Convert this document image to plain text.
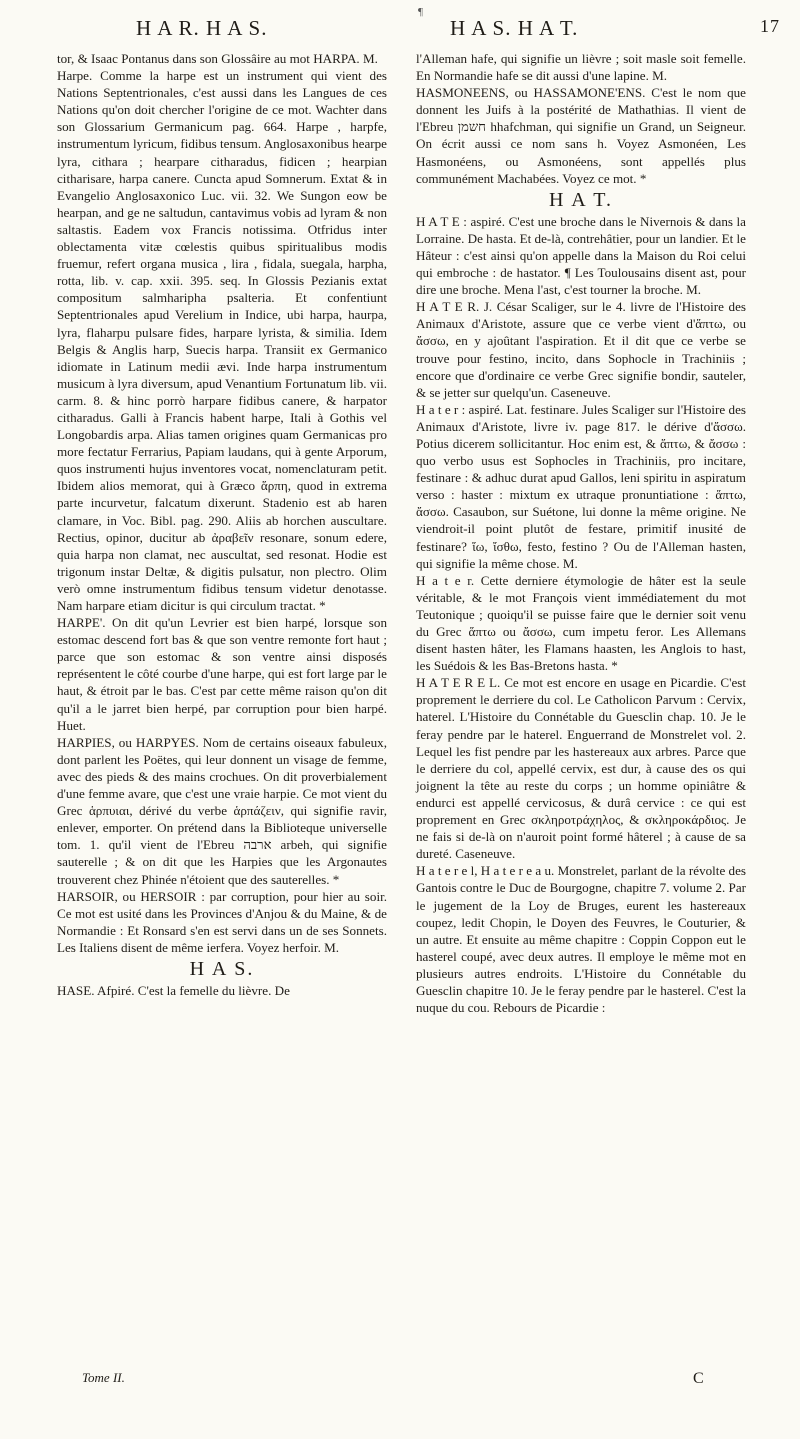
¶
H A R. H A S.	H A S. H A T.	17

tor, & Isaac Pontanus dans son Glossâire au mot HARPA. M.

Harpe. Comme la harpe est un instrument qui vient des Nations Septentrionales, c'est aussi dans les Langues de ces Nations qu'on doit chercher l'origine de ce mot. Wachter dans son Glossarium Germanicum pag. 664. Harpe , harpfe, instrumentum lyricum, fidibus tensum. Anglosaxonibus hearpe lyra, cithara ; hearpare citharadus, fidicen ; hearpian citharisare, harpa canere. Cuncta apud Somnerum. Extat & in Evangelio Anglosaxonico Luc. vii. 32. We Sungon eow be hearpan, and ge ne saltudun, cantavimus vobis ad lyram & non saltastis. Eadem vox Francis notissima. Otfridus inter oblectamenta vitæ cœlestis quibus spiritualibus modis fruemur, refert organa musica , lira , fidala, suegala, harpha, rotta, lib. v. cap. xxii. 395. seq. In Glossis Pezianis extat compositum salmharipha psalteria. Et confentiunt Septentrionales apud Verelium in Indice, ubi harpa, haurpa, lyra, flaharpu pulsare fides, harpare lyrista, & similia. Idem Belgis & Anglis harp, Suecis harpa. Transiit ex Germanico idiomate in Latinum medii ævi. Inde harpa instrumentum musicum à lyra diversum, apud Venantium Fortunatum lib. vii. carm. 8. & hinc porrò harpare fidibus canere, & harpator citharadus. Galli à Francis habent harpe, Itali à Gothis vel Longobardis arpa. Alias tamen origines quam Germanicas pro more fectatur Ferrarius, Papiam laudans, qui à gente Arporum, quos instrumenti hujus inventores vocat, nomenclaturam petit. Ibidem alios memorat, qui à Græco ἅρπη, quod in extrema parte incurvetur, falcatum dixerunt. Stadenio est ab haren clamare, in Voc. Bibl. pag. 290. Aliis ab horchen auscultare. Rectius, opinor, ducitur ab ἀραβεῖν resonare, sonum edere, quia harpa non clamat, nec auscultat, sed resonat. Hodie est trigonum instar Deltæ, & digitis pulsatur, non plectro. Olim verò omne instrumentum fidibus tensum videtur denotasse. Nam harpare etiam dicitur is qui circulum tractat. *

HARPE'. On dit qu'un Levrier est bien harpé, lorsque son estomac descend fort bas & que son ventre remonte fort haut ; parce que son estomac & son ventre ainsi disposés représentent le côté courbe d'une harpe, qui est fort large par le haut, & étroit par le bas. C'est par cette même raison qu'on dit qu'il a le jarret bien herpé, par corruption pour bien harpé. Huet.

HARPIES, ou HARPYES. Nom de certains oiseaux fabuleux, dont parlent les Poëtes, qui leur donnent un visage de femme, avec des pieds & des mains crochues. On dit proverbialement d'une femme avare, que c'est une vraie harpie. Ce mot vient du Grec ἁρπυιαι, dérivé du verbe ἁρπάζειν, qui signifie ravir, enlever, emporter. On prétend dans la Biblioteque universelle tom. 1. qu'il vient de l'Ebreu ארבה arbeh, qui signifie sauterelle ; & on dit que les Harpies que les Argonautes trouverent chez Phinée n'étoient que des sauterelles. *

HARSOIR, ou HERSOIR : par corruption, pour hier au soir. Ce mot est usité dans les Provinces d'Anjou & du Maine, & de Normandie : Et Ronsard s'en est servi dans un de ses Sonnets. Les Italiens disent de même ierfera. Voyez herfoir. M.

H A S.

HASE. Afpiré. C'est la femelle du lièvre. De

l'Alleman hafe, qui signifie un lièvre ; soit masle soit femelle. En Normandie hafe se dit aussi d'une lapine. M.

HASMONEENS, ou HASSAMONE'ENS. C'est le nom que donnent les Juifs à la postérité de Mathathias. Il vient de l'Ebreu חשמן hhafchman, qui signifie un Grand, un Seigneur. On écrit aussi ce nom sans h. Voyez Asmonéen, Les Hasmonéens, ou Asmonéens, sont appellés plus communément Machabées. Voyez ce mot. *

H A T.

H A T E : aspiré. C'est une broche dans le Nivernois & dans la Lorraine. De hasta. Et de-là, contrehâtier, pour un landier. Et le Hâteur : c'est ainsi qu'on appelle dans la Maison du Roi celui qui embroche : de hastator. ¶ Les Toulousains disent ast, pour dire une broche. Mena l'ast, c'est tourner la broche. M.

H A T E R. J. César Scaliger, sur le 4. livre de l'Histoire des Animaux d'Aristote, assure que ce verbe vient d'ἅπτω, ou ἄσσω, en y ajoûtant l'aspiration. Et il dit que ce verbe se trouve pour festino, incito, dans Sophocle in Trachiniis ; encore que d'ordinaire ce verbe Grec signifie bondir, sauteler, & se jetter sur quelqu'un. Caseneuve.

H a t e r : aspiré. Lat. festinare. Jules Scaliger sur l'Histoire des Animaux d'Aristote, livre iv. page 817. le dérive d'ἄσσω. Potius dicerem sollicitantur. Hoc enim est, & ἅπτω, & ἄσσω : quo verbo usus est Sophocles in Trachiniis, pro incitare, festinare : & adhuc durat apud Gallos, leni spiritu in aspiratum verso : haster : mixtum ex utraque pronuntiatione : ἅπτω, ἄσσω. Casaubon, sur Suétone, lui donne la même origine. Ne viendroit-il point plutôt de festare, primitif inusité de festinare? ἵω, ἴσθω, festo, festino ? Ou de l'Alleman hasten, qui signifie la même chose. M.

H a t e r. Cette derniere étymologie de hâter est la seule véritable, & le mot François vient immédiatement du mot Teutonique ; quoiqu'il se puisse faire que le dernier soit venu du Grec ἅπτω ou ἄσσω, cum impetu feror. Les Allemans disent hasten hâter, les Flamans haasten, les Anglois to hast, les Suédois & les Bas-Bretons hasta. *

H A T E R E L. Ce mot est encore en usage en Picardie. C'est proprement le derriere du col. Le Catholicon Parvum : Cervix, haterel. L'Histoire du Connétable du Guesclin chap. 10. Je le feray pendre par le haterel. Enguerrand de Monstrelet vol. 2. Lequel les fist pendre par les hastereaux aux arbres. Parce que le derriere du col, appellé cervix, est dur, à cause des os qui joignent la tête au reste du corps ; un homme opiniâtre & endurci est appellé cervicosus, & durâ cervice : ce qui est proprement en Grec σκληροτράχηλος, & σκληροκάρδιος. Je ne fais si de-là on n'auroit point formé hâterel ; à cause de sa dureté. Caseneuve.

H a t e r e l, H a t e r e a u. Monstrelet, parlant de la révolte des Gantois contre le Duc de Bourgogne, chapitre 7. volume 2. Par le jugement de la Loy de Bruges, eurent les hastereaux coupez, ledit Chopin, le Doyen des Feuvres, le Couturier, & un autre. Et ensuite au même chapitre : Coppin Coppon eut le hasterel coupé, avec deux autres. Il employe le même mot en plusieurs autres endroits. L'Histoire du Connétable du Guesclin chapitre 10. Je le feray pendre par le hasterel. C'est la nuque du cou. Rebours de Picardie :

Tome II.	C
